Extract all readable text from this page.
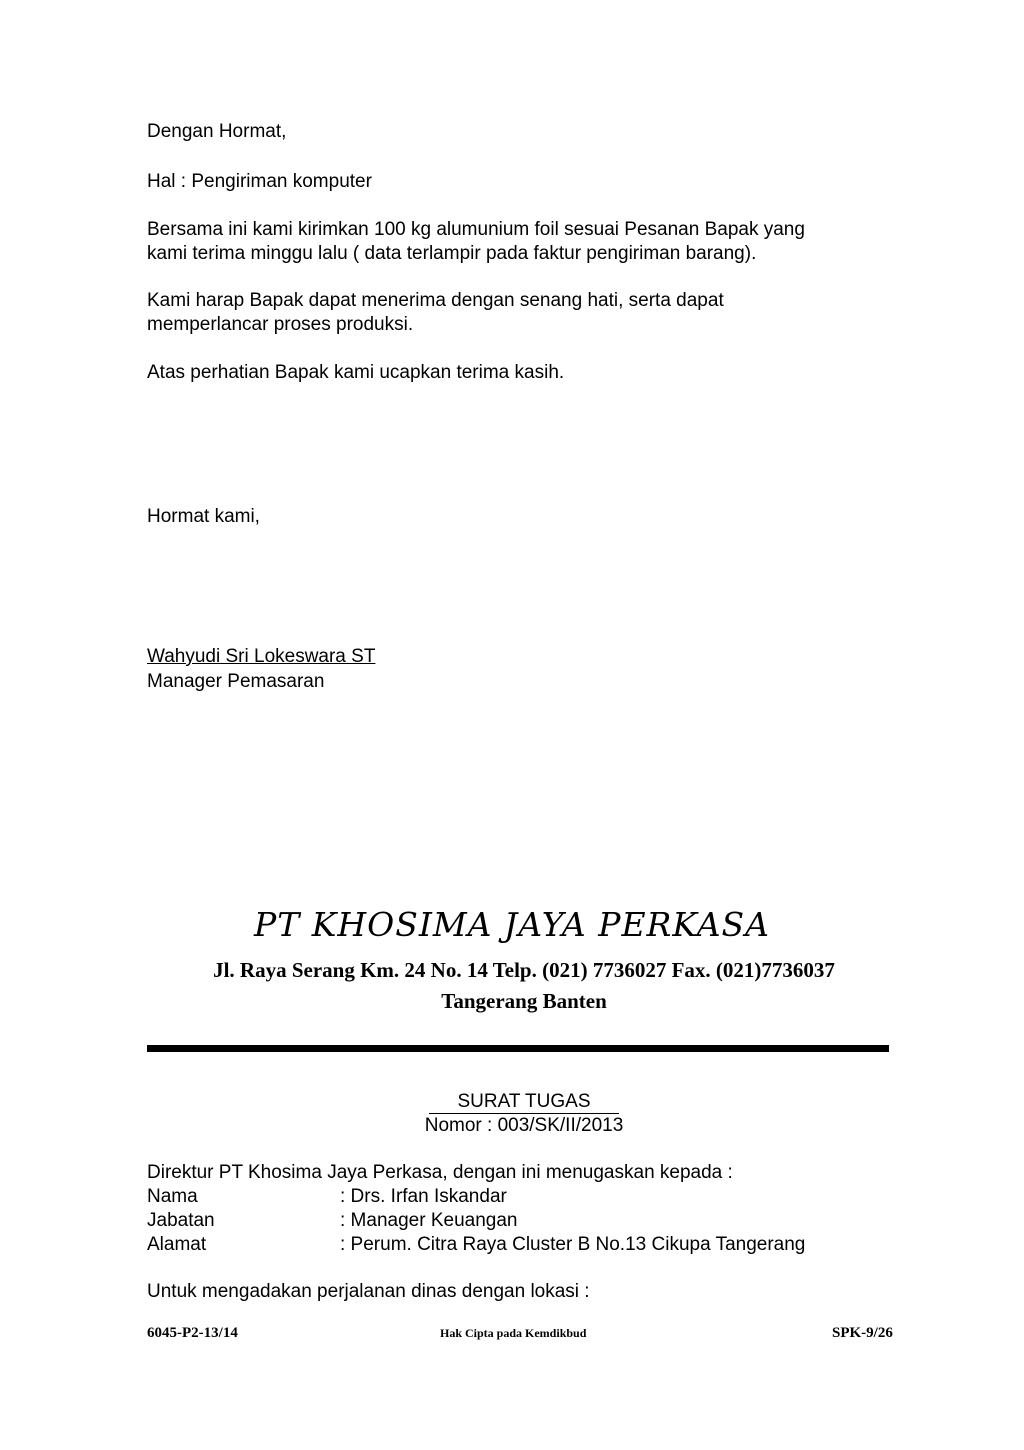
Dengan Hormat,
Hal : Pengiriman komputer
Bersama ini kami kirimkan 100 kg alumunium foil sesuai Pesanan Bapak yang
kami terima minggu lalu ( data terlampir pada faktur pengiriman barang).
Kami harap Bapak dapat menerima dengan senang hati, serta dapat
memperlancar proses produksi.
Atas perhatian Bapak kami ucapkan terima kasih.
Hormat kami,
Wahyudi Sri Lokeswara ST
Manager Pemasaran
PT KHOSIMA JAYA PERKASA
Jl. Raya Serang Km. 24 No. 14 Telp. (021) 7736027 Fax. (021)7736037
Tangerang Banten
SURAT TUGAS
Nomor : 003/SK/II/2013
Direktur PT Khosima Jaya Perkasa, dengan ini menugaskan kepada :
Nama	: Drs. Irfan Iskandar
Jabatan	: Manager Keuangan
Alamat	: Perum. Citra Raya Cluster B No.13 Cikupa Tangerang
Untuk mengadakan perjalanan dinas dengan lokasi :
6045-P2-13/14	Hak Cipta pada Kemdikbud	SPK-9/26
